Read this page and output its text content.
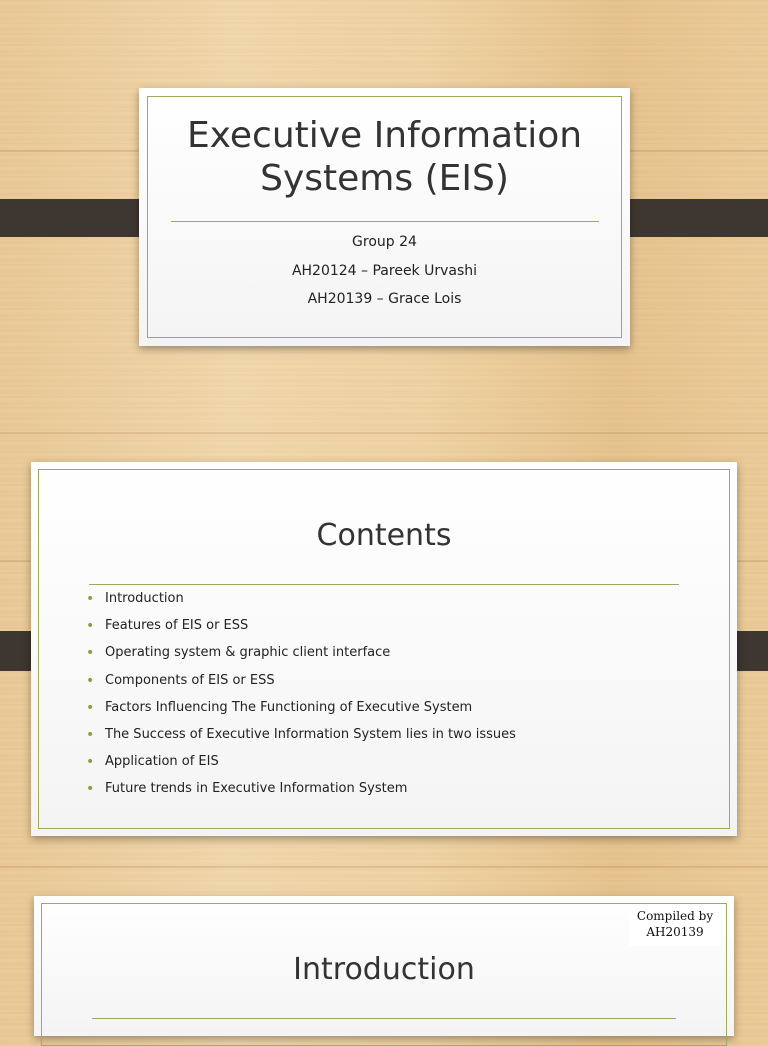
Executive Information
Systems (EIS)
Group 24
AH20124 – Pareek Urvashi
AH20139 – Grace Lois
Contents
• Introduction
• Features of EIS or ESS
• Operating system & graphic client interface
• Components of EIS or ESS
• Factors Influencing The Functioning of Executive System
• The Success of Executive Information System lies in two issues
• Application of EIS
• Future trends in Executive Information System
Introduction
Compiled by
AH20139
